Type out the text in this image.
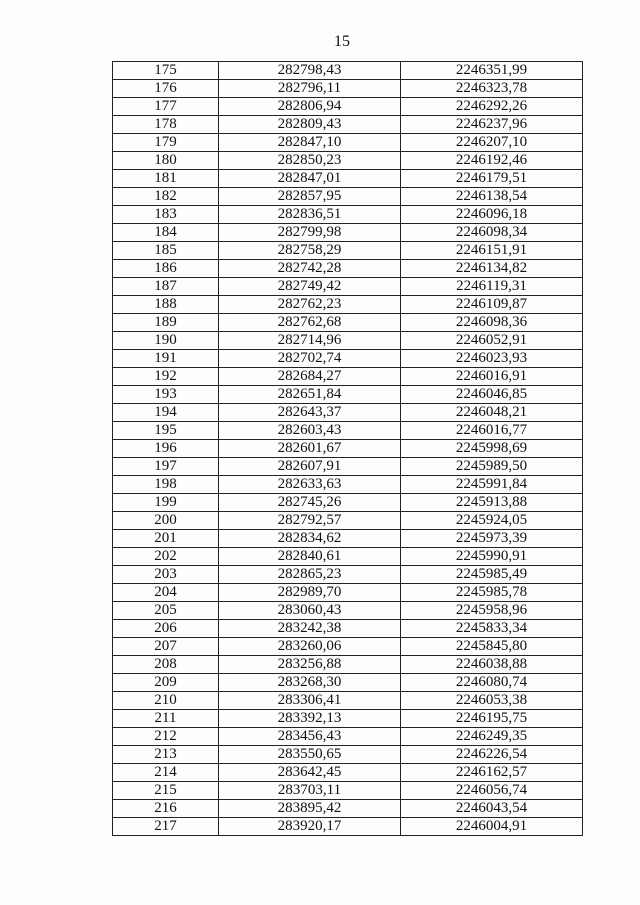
15
175	282798,43	2246351,99
176	282796,11	2246323,78
177	282806,94	2246292,26
178	282809,43	2246237,96
179	282847,10	2246207,10
180	282850,23	2246192,46
181	282847,01	2246179,51
182	282857,95	2246138,54
183	282836,51	2246096,18
184	282799,98	2246098,34
185	282758,29	2246151,91
186	282742,28	2246134,82
187	282749,42	2246119,31
188	282762,23	2246109,87
189	282762,68	2246098,36
190	282714,96	2246052,91
191	282702,74	2246023,93
192	282684,27	2246016,91
193	282651,84	2246046,85
194	282643,37	2246048,21
195	282603,43	2246016,77
196	282601,67	2245998,69
197	282607,91	2245989,50
198	282633,63	2245991,84
199	282745,26	2245913,88
200	282792,57	2245924,05
201	282834,62	2245973,39
202	282840,61	2245990,91
203	282865,23	2245985,49
204	282989,70	2245985,78
205	283060,43	2245958,96
206	283242,38	2245833,34
207	283260,06	2245845,80
208	283256,88	2246038,88
209	283268,30	2246080,74
210	283306,41	2246053,38
211	283392,13	2246195,75
212	283456,43	2246249,35
213	283550,65	2246226,54
214	283642,45	2246162,57
215	283703,11	2246056,74
216	283895,42	2246043,54
217	283920,17	2246004,91
